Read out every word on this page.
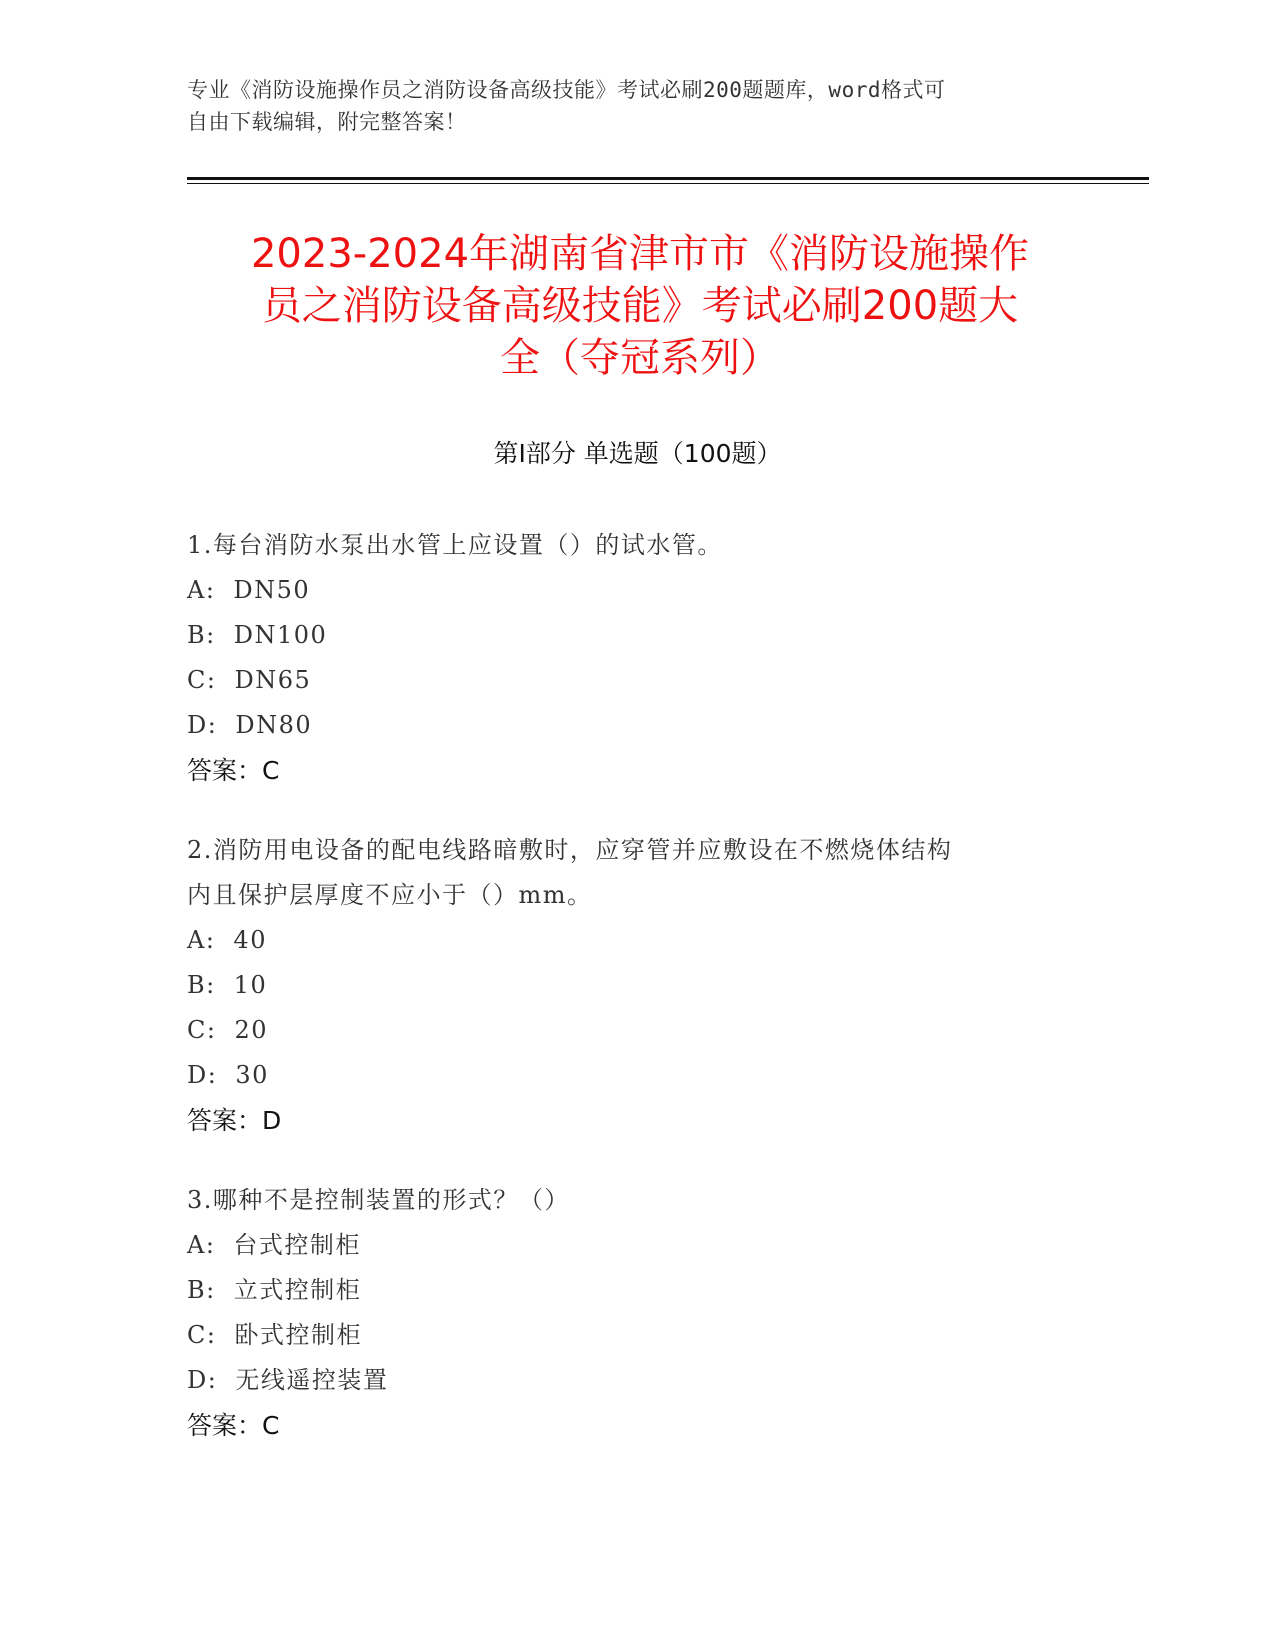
专业《消防设施操作员之消防设备高级技能》考试必刷200题题库，word格式可
自由下载编辑，附完整答案！
2023-2024年湖南省津市市《消防设施操作
员之消防设备高级技能》考试必刷200题大
全（夺冠系列）
第Ⅰ部分 单选题（100题）
1.每台消防水泵出水管上应设置（）的试水管。
A: DN50
B: DN100
C: DN65
D: DN80
答案：C
2.消防用电设备的配电线路暗敷时，应穿管并应敷设在不燃烧体结构
内且保护层厚度不应小于（）mm。
A: 40
B: 10
C: 20
D: 30
答案：D
3.哪种不是控制装置的形式？（）
A: 台式控制柜
B: 立式控制柜
C: 卧式控制柜
D: 无线遥控装置
答案：C
